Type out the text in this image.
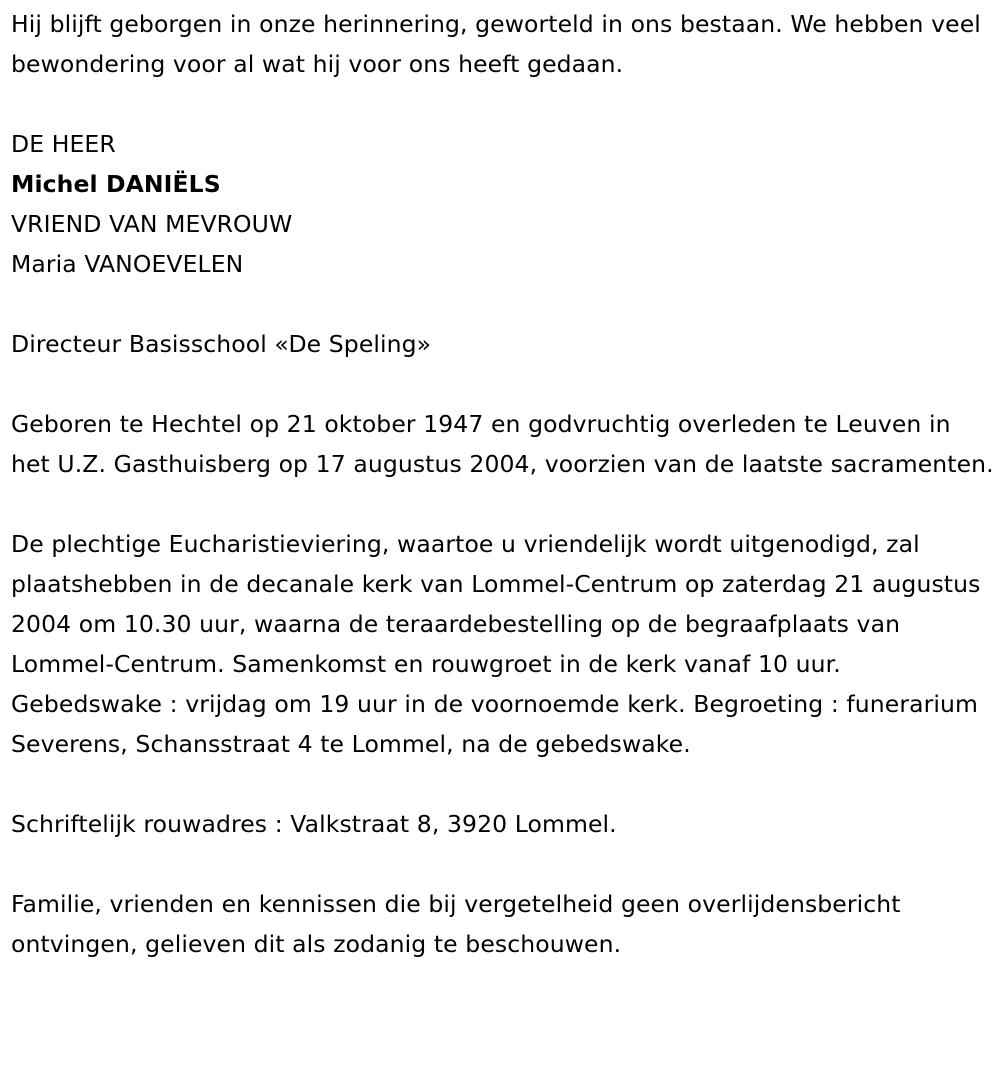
Hij blijft geborgen in onze herinnering, geworteld in ons bestaan. We hebben veel bewondering voor al wat hij voor ons heeft gedaan.

DE HEER

Michel DANIËLS

VRIEND VAN MEVROUW

Maria VANOEVELEN

Directeur Basisschool «De Speling»

Geboren te Hechtel op 21 oktober 1947 en godvruchtig overleden te Leuven in het U.Z. Gasthuisberg op 17 augustus 2004, voorzien van de laatste sacramenten.

De plechtige Eucharistieviering, waartoe u vriendelijk wordt uitgenodigd, zal plaatshebben in de decanale kerk van Lommel-Centrum op zaterdag 21 augustus 2004 om 10.30 uur, waarna de teraardebestelling op de begraafplaats van Lommel-Centrum. Samenkomst en rouwgroet in de kerk vanaf 10 uur. Gebedswake : vrijdag om 19 uur in de voornoemde kerk. Begroeting : funerarium Severens, Schansstraat 4 te Lommel, na de gebedswake.

Schriftelijk rouwadres : Valkstraat 8, 3920 Lommel.

Familie, vrienden en kennissen die bij vergetelheid geen overlijdensbericht ontvingen, gelieven dit als zodanig te beschouwen.
